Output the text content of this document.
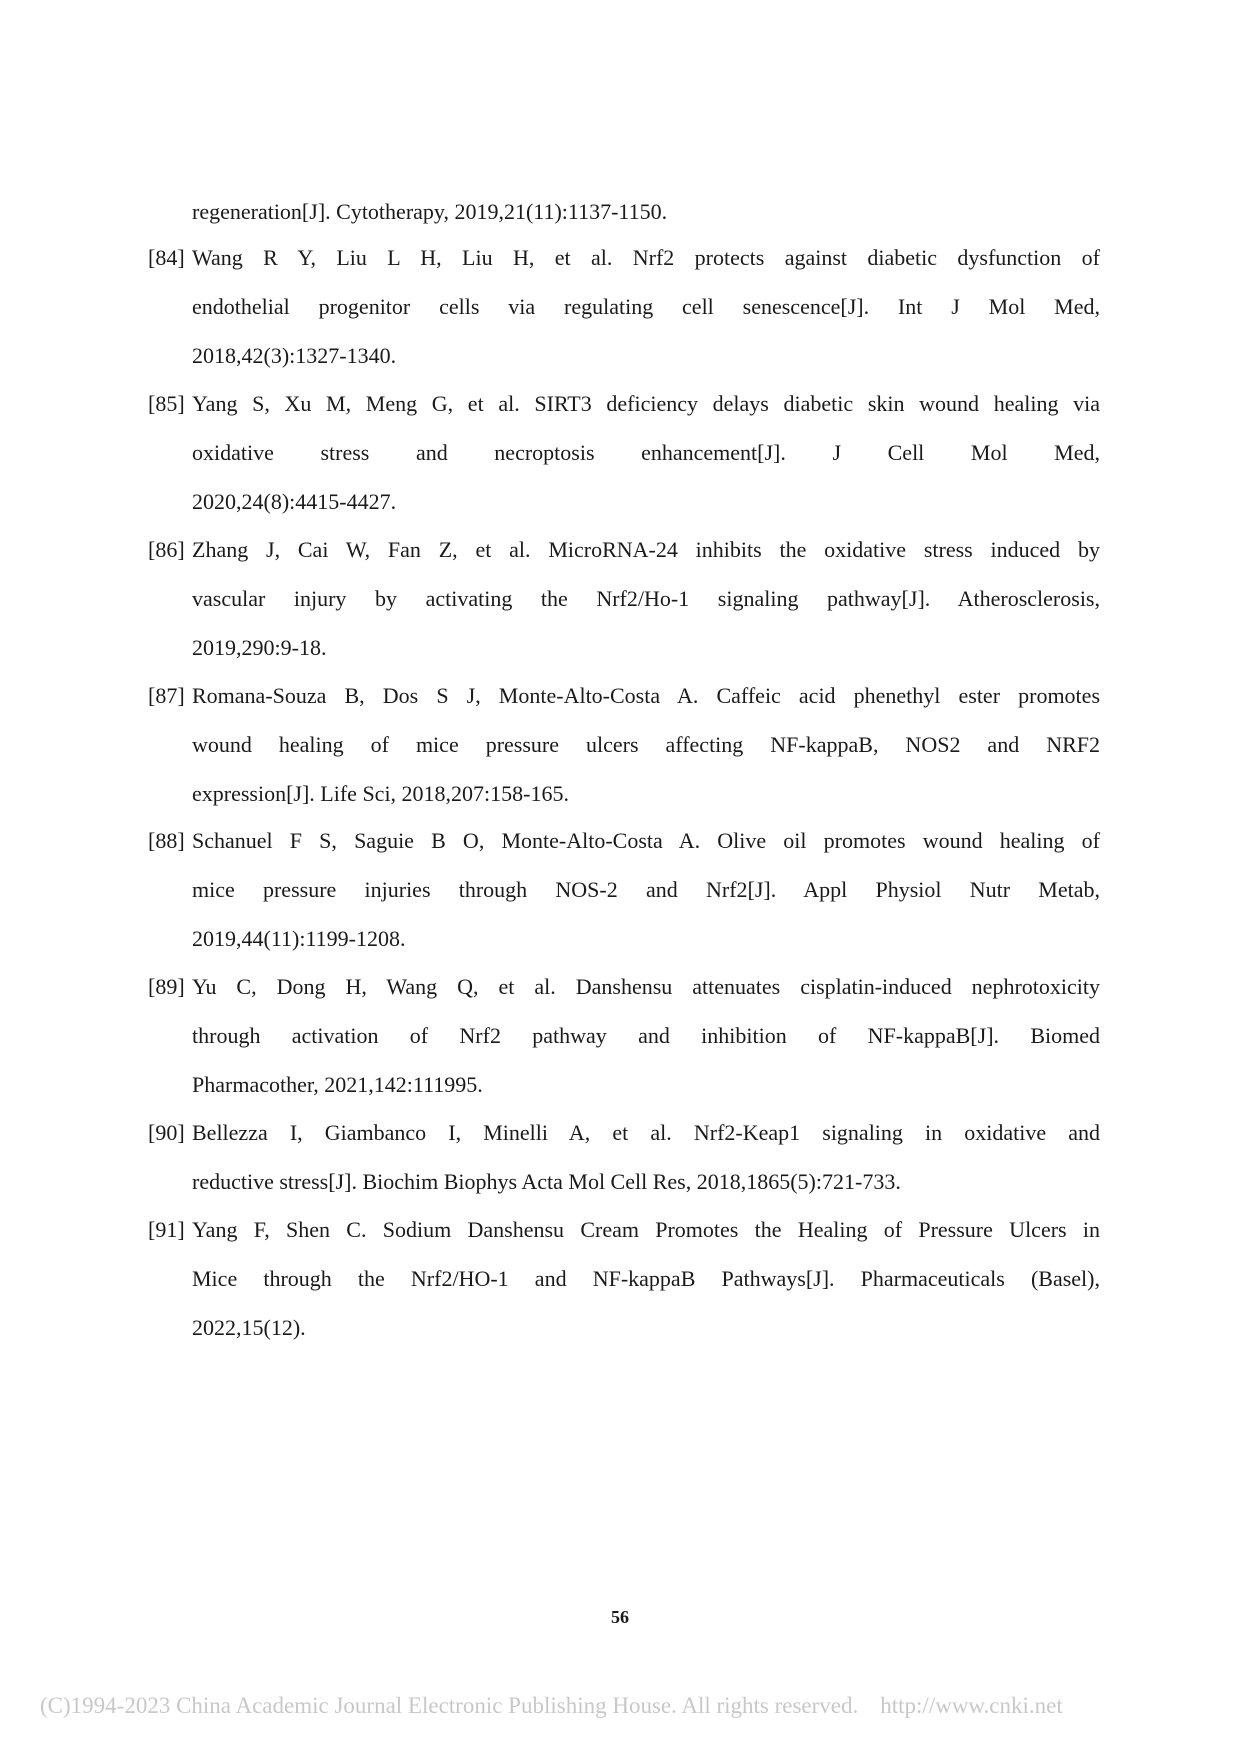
regeneration[J]. Cytotherapy, 2019,21(11):1137-1150.
[84] Wang R Y, Liu L H, Liu H, et al. Nrf2 protects against diabetic dysfunction of
endothelial progenitor cells via regulating cell senescence[J]. Int J Mol Med,
2018,42(3):1327-1340.
[85] Yang S, Xu M, Meng G, et al. SIRT3 deficiency delays diabetic skin wound healing via
oxidative stress and necroptosis enhancement[J]. J Cell Mol Med,
2020,24(8):4415-4427.
[86] Zhang J, Cai W, Fan Z, et al. MicroRNA-24 inhibits the oxidative stress induced by
vascular injury by activating the Nrf2/Ho-1 signaling pathway[J]. Atherosclerosis,
2019,290:9-18.
[87] Romana-Souza B, Dos S J, Monte-Alto-Costa A. Caffeic acid phenethyl ester promotes
wound healing of mice pressure ulcers affecting NF-kappaB, NOS2 and NRF2
expression[J]. Life Sci, 2018,207:158-165.
[88] Schanuel F S, Saguie B O, Monte-Alto-Costa A. Olive oil promotes wound healing of
mice pressure injuries through NOS-2 and Nrf2[J]. Appl Physiol Nutr Metab,
2019,44(11):1199-1208.
[89] Yu C, Dong H, Wang Q, et al. Danshensu attenuates cisplatin-induced nephrotoxicity
through activation of Nrf2 pathway and inhibition of NF-kappaB[J]. Biomed
Pharmacother, 2021,142:111995.
[90] Bellezza I, Giambanco I, Minelli A, et al. Nrf2-Keap1 signaling in oxidative and
reductive stress[J]. Biochim Biophys Acta Mol Cell Res, 2018,1865(5):721-733.
[91] Yang F, Shen C. Sodium Danshensu Cream Promotes the Healing of Pressure Ulcers in
Mice through the Nrf2/HO-1 and NF-kappaB Pathways[J]. Pharmaceuticals (Basel),
2022,15(12).
56
(C)1994-2023 China Academic Journal Electronic Publishing House. All rights reserved. http://www.cnki.net
